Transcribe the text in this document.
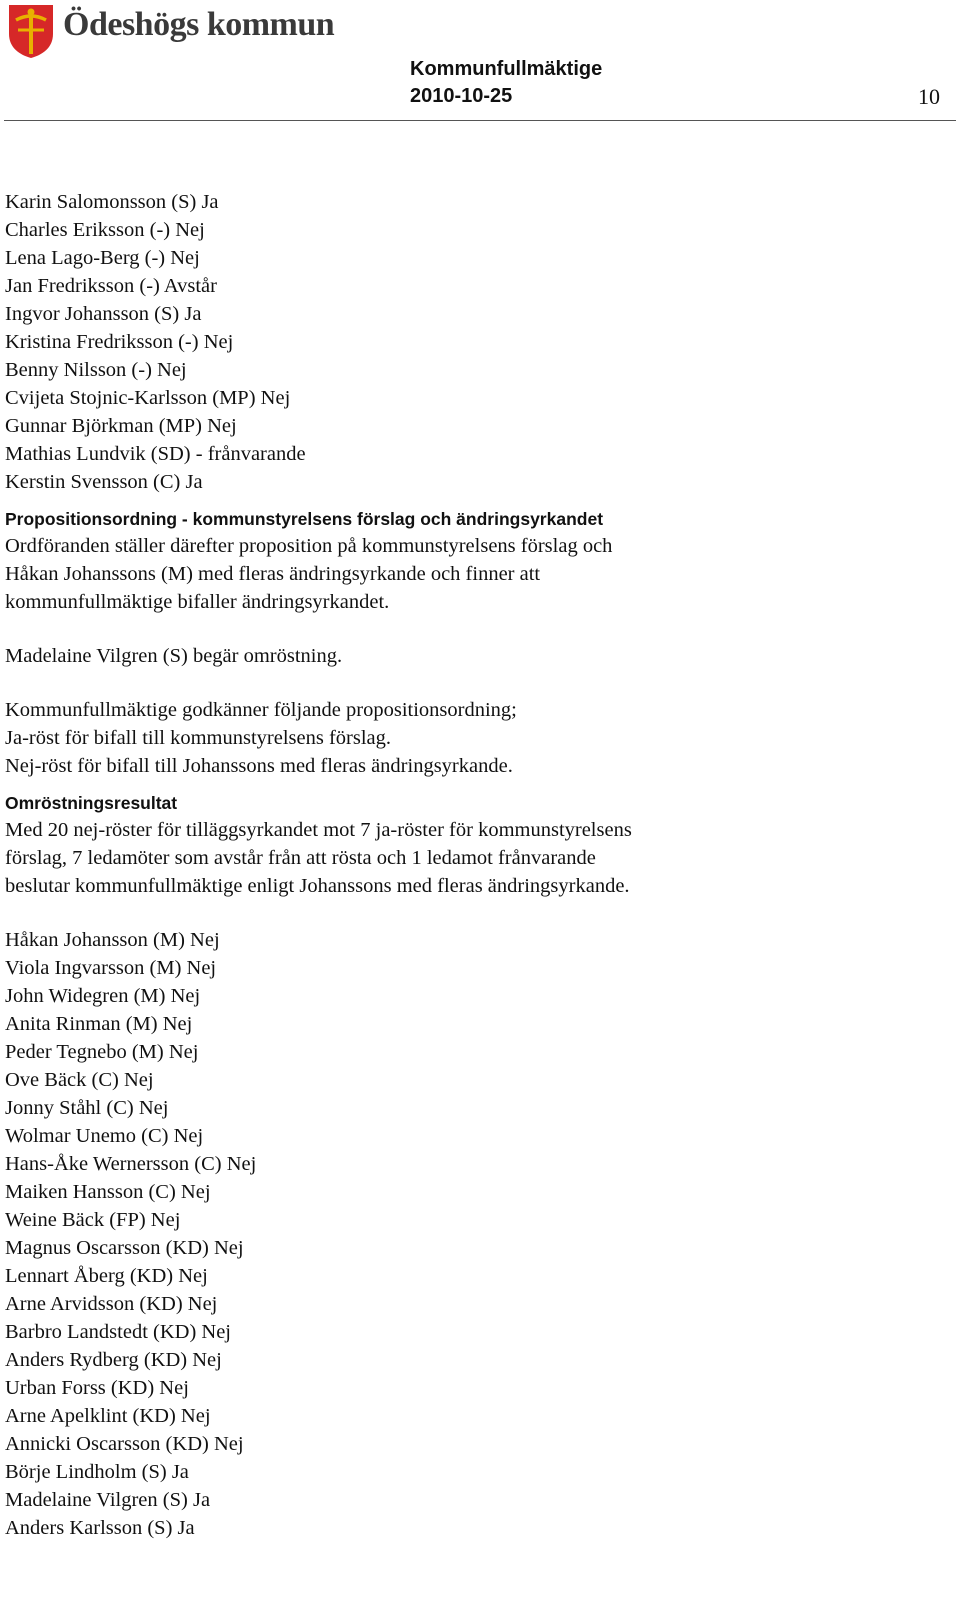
Ödeshögs kommun
Kommunfullmäktige
2010-10-25	10
Karin Salomonsson (S) Ja
Charles Eriksson (-) Nej
Lena Lago-Berg (-) Nej
Jan Fredriksson (-) Avstår
Ingvor Johansson (S) Ja
Kristina Fredriksson (-) Nej
Benny Nilsson (-) Nej
Cvijeta Stojnic-Karlsson (MP) Nej
Gunnar Björkman (MP) Nej
Mathias Lundvik (SD) - frånvarande
Kerstin Svensson (C) Ja
Propositionsordning - kommunstyrelsens förslag och ändringsyrkandet
Ordföranden ställer därefter proposition på kommunstyrelsens förslag och
Håkan Johanssons (M) med fleras ändringsyrkande och finner att
kommunfullmäktige bifaller ändringsyrkandet.
Madelaine Vilgren (S) begär omröstning.
Kommunfullmäktige godkänner följande propositionsordning;
Ja-röst för bifall till kommunstyrelsens förslag.
Nej-röst för bifall till Johanssons med fleras ändringsyrkande.
Omröstningsresultat
Med 20 nej-röster för tilläggsyrkandet mot 7 ja-röster för kommunstyrelsens
förslag, 7 ledamöter som avstår från att rösta och 1 ledamot frånvarande
beslutar kommunfullmäktige enligt Johanssons med fleras ändringsyrkande.
Håkan Johansson (M) Nej
Viola Ingvarsson (M) Nej
John Widegren (M) Nej
Anita Rinman (M) Nej
Peder Tegnebo (M) Nej
Ove Bäck (C) Nej
Jonny Ståhl (C) Nej
Wolmar Unemo (C) Nej
Hans-Åke Wernersson (C) Nej
Maiken Hansson (C) Nej
Weine Bäck (FP) Nej
Magnus Oscarsson (KD) Nej
Lennart Åberg (KD) Nej
Arne Arvidsson (KD) Nej
Barbro Landstedt (KD) Nej
Anders Rydberg (KD) Nej
Urban Forss (KD) Nej
Arne Apelklint (KD) Nej
Annicki Oscarsson (KD) Nej
Börje Lindholm (S) Ja
Madelaine Vilgren (S) Ja
Anders Karlsson (S) Ja
